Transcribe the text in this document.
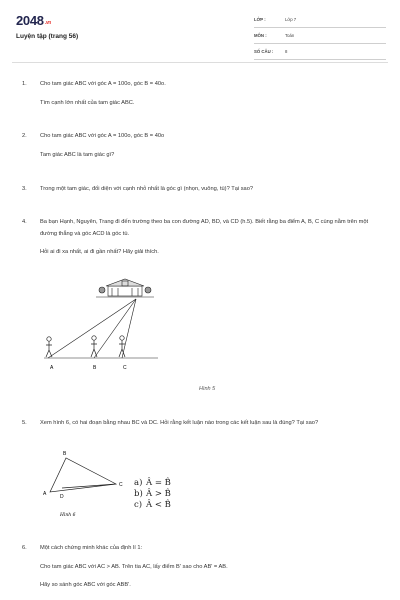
2048.vn
Luyện tập (trang 56)
LỚP :	Lớp 7
MÔN :	Toán
SỐ CÂU :	8
1.	Cho tam giác ABC với góc A = 100o, góc B = 40o.

Tìm cạnh lớn nhất của tam giác ABC.

2.	Cho tam giác ABC với góc A = 100o, góc B = 40o

Tam giác ABC là tam giác gì?

3.	Trong một tam giác, đối diện với cạnh nhỏ nhất là góc gì (nhọn, vuông, tù)? Tại sao?

4.	Ba bạn Hạnh, Nguyên, Trang đi đến trường theo ba con đường AD, BD, và CD (h.5). Biết rằng ba điểm A, B, C cùng nằm trên một đường thẳng và góc ACD là góc tù.

Hỏi ai đi xa nhất, ai đi gần nhất? Hãy giải thích.

A	B	C
Hình 5
5.	Xem hình 6, có hai đoạn bằng nhau BC và DC. Hỏi rằng kết luận nào trong các kết luận sau là đúng? Tại sao?

B
A
C
D
Hình 6
a) Â = B̂
b) Â > B̂
c) Â < B̂
6.	Một cách chứng minh khác của định lí 1:

Cho tam giác ABC với AC > AB. Trên tia AC, lấy điểm B' sao cho AB' = AB.

Hãy so sánh góc ABC với góc ABB'.
